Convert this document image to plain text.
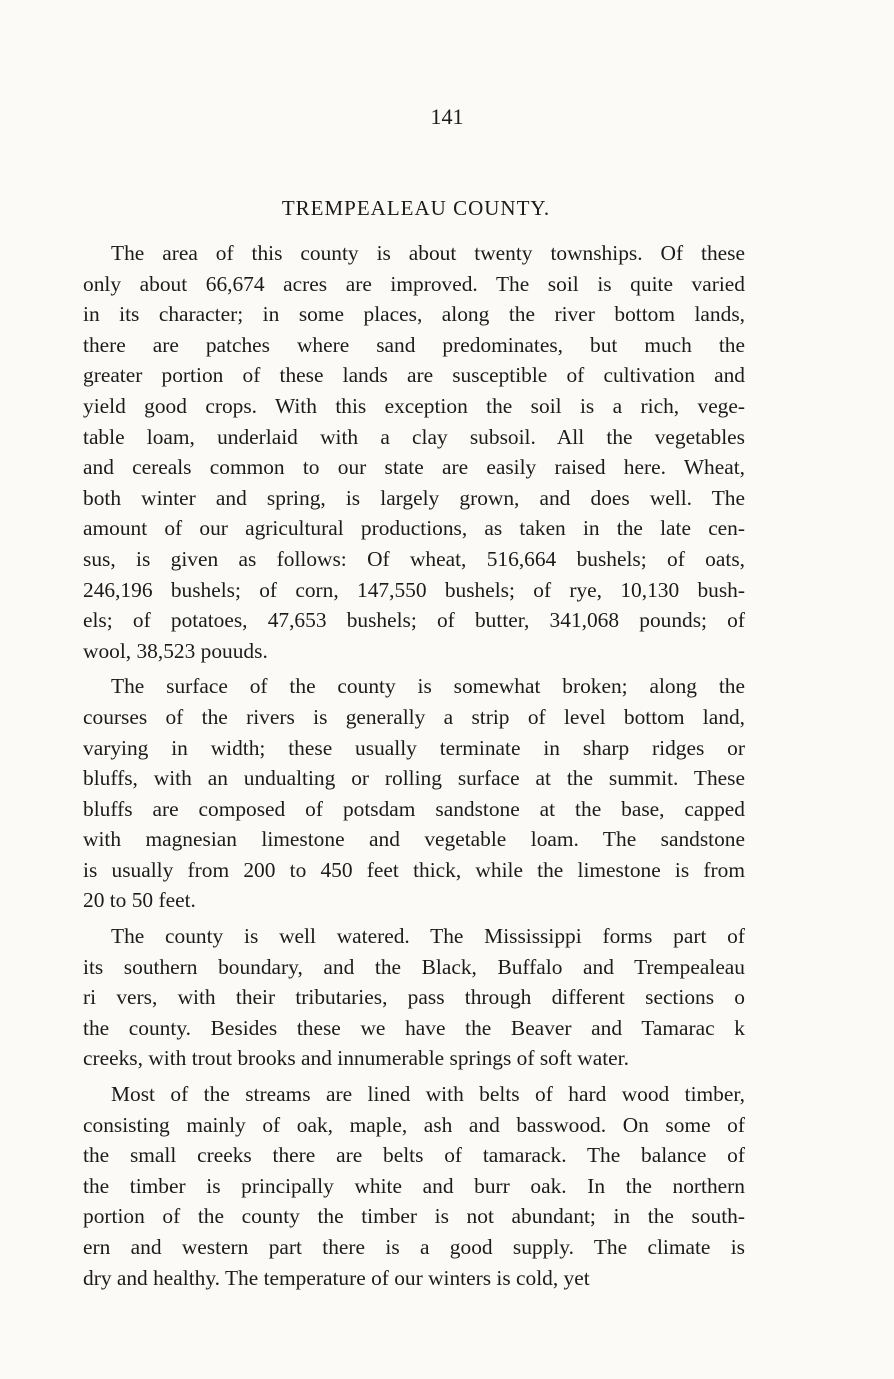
141

TREMPEALEAU COUNTY.
The area of this county is about twenty townships. Of these
only about 66,674 acres are improved. The soil is quite varied
in its character; in some places, along the river bottom lands,
there are patches where sand predominates, but much the
greater portion of these lands are susceptible of cultivation and
yield good crops. With this exception the soil is a rich, vege-
table loam, underlaid with a clay subsoil. All the vegetables
and cereals common to our state are easily raised here. Wheat,
both winter and spring, is largely grown, and does well. The
amount of our agricultural productions, as taken in the late cen-
sus, is given as follows: Of wheat, 516,664 bushels; of oats,
246,196 bushels; of corn, 147,550 bushels; of rye, 10,130 bush-
els; of potatoes, 47,653 bushels; of butter, 341,068 pounds; of
wool, 38,523 pouuds.
The surface of the county is somewhat broken; along the
courses of the rivers is generally a strip of level bottom land,
varying in width; these usually terminate in sharp ridges or
bluffs, with an undualting or rolling surface at the summit. These
bluffs are composed of potsdam sandstone at the base, capped
with magnesian limestone and vegetable loam. The sandstone
is usually from 200 to 450 feet thick, while the limestone is from
20 to 50 feet.
The county is well watered. The Mississippi forms part of
its southern boundary, and the Black, Buffalo and Trempealeau
ri vers, with their tributaries, pass through different sections o
the county. Besides these we have the Beaver and Tamarac k
creeks, with trout brooks and innumerable springs of soft water.
Most of the streams are lined with belts of hard wood timber,
consisting mainly of oak, maple, ash and basswood. On some of
the small creeks there are belts of tamarack. The balance of
the timber is principally white and burr oak. In the northern
portion of the county the timber is not abundant; in the south-
ern and western part there is a good supply. The climate is
dry and healthy. The temperature of our winters is cold, yet
